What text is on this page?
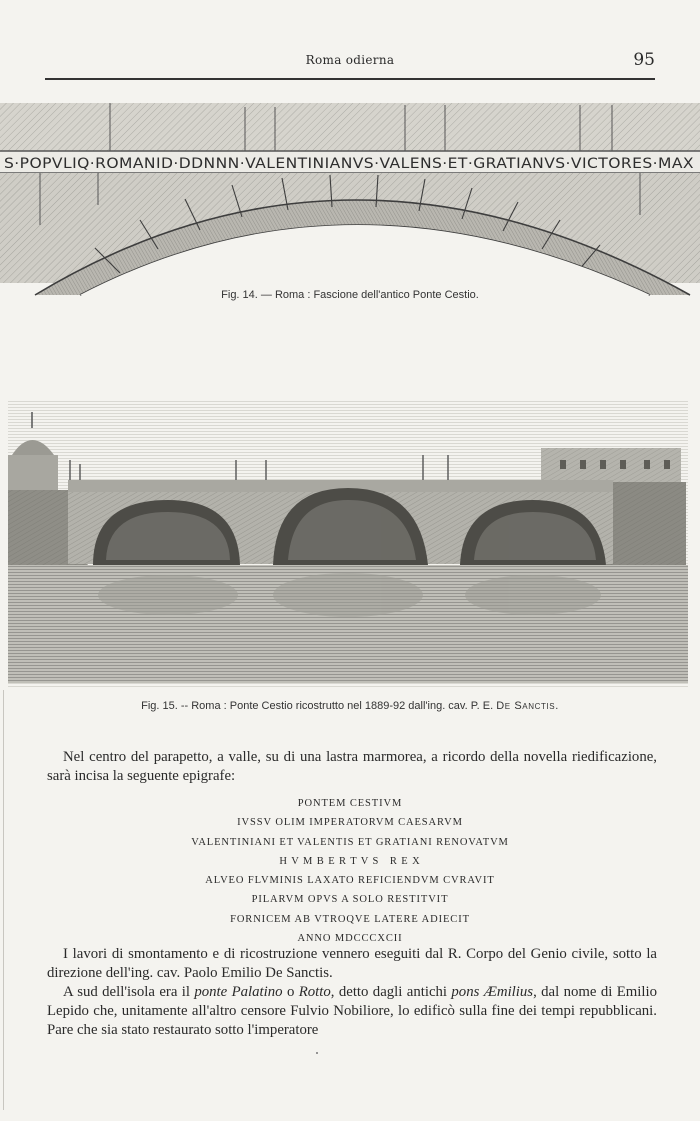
Roma odierna	95
S·POPVLIQ·ROMANID·DDNNN·VALENTINIANVS·VALENS·ET·GRATIANVS·VICTORES·MAX
Fig. 14. — Roma : Fascione dell'antico Ponte Cestio.
Fig. 15. -- Roma : Ponte Cestio ricostrutto nel 1889-92 dall'ing. cav. P. E. De Sanctis.

Nel centro del parapetto, a valle, su di una lastra marmorea, a ricordo della novella riedificazione, sarà incisa la seguente epigrafe:

PONTEM CESTIVM
IVSSV OLIM IMPERATORVM CAESARVM
VALENTINIANI ET VALENTIS ET GRATIANI RENOVATVM
H V M B E R T V S   R E X
ALVEO FLVMINIS LAXATO REFICIENDVM CVRAVIT
PILARVM OPVS A SOLO RESTITVIT
FORNICEM AB VTROQVE LATERE ADIECIT
ANNO MDCCCXCII

I lavori di smontamento e di ricostruzione vennero eseguiti dal R. Corpo del Genio civile, sotto la direzione dell'ing. cav. Paolo Emilio De Sanctis.

A sud dell'isola era il ponte Palatino o Rotto, detto dagli antichi pons Æmilius, dal nome di Emilio Lepido che, unitamente all'altro censore Fulvio Nobiliore, lo edificò sulla fine dei tempi repubblicani. Pare che sia stato restaurato sotto l'imperatore
